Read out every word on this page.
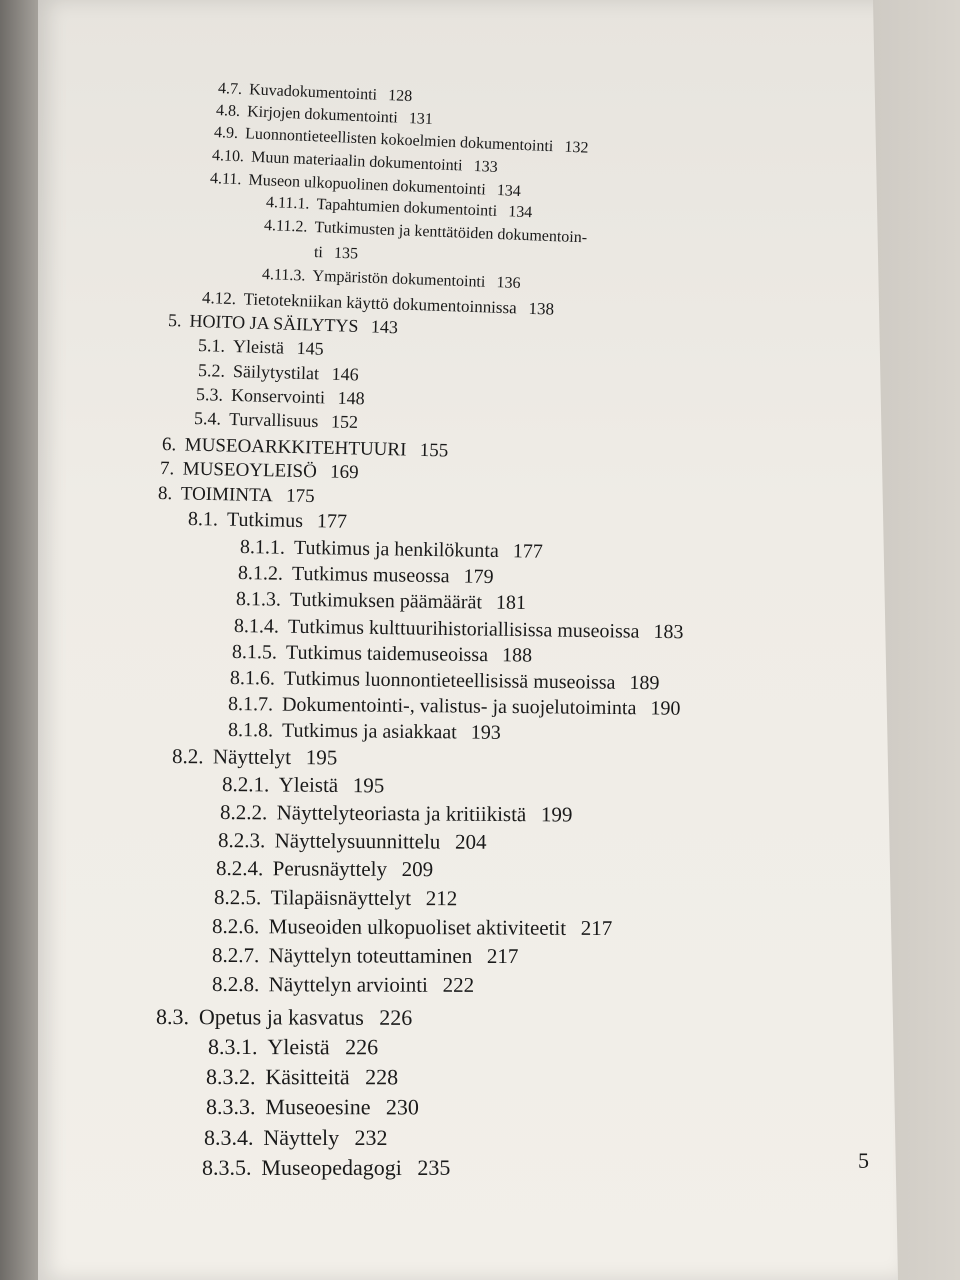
4.7. Kuvadokumentointi 128
4.8. Kirjojen dokumentointi 131
4.9. Luonnontieteellisten kokoelmien dokumentointi 132
4.10. Muun materiaalin dokumentointi 133
4.11. Museon ulkopuolinen dokumentointi 134
4.11.1. Tapahtumien dokumentointi 134
4.11.2. Tutkimusten ja kenttätöiden dokumentoin-
ti 135
4.11.3. Ympäristön dokumentointi 136
4.12. Tietotekniikan käyttö dokumentoinnissa 138
5. HOITO JA SÄILYTYS 143
5.1. Yleistä 145
5.2. Säilytystilat 146
5.3. Konservointi 148
5.4. Turvallisuus 152
6. MUSEOARKKITEHTUURI 155
7. MUSEOYLEISÖ 169
8. TOIMINTA 175
8.1. Tutkimus 177
8.1.1. Tutkimus ja henkilökunta 177
8.1.2. Tutkimus museossa 179
8.1.3. Tutkimuksen päämäärät 181
8.1.4. Tutkimus kulttuurihistoriallisissa museoissa 183
8.1.5. Tutkimus taidemuseoissa 188
8.1.6. Tutkimus luonnontieteellisissä museoissa 189
8.1.7. Dokumentointi-, valistus- ja suojelutoiminta 190
8.1.8. Tutkimus ja asiakkaat 193
8.2. Näyttelyt 195
8.2.1. Yleistä 195
8.2.2. Näyttelyteoriasta ja kritiikistä 199
8.2.3. Näyttelysuunnittelu 204
8.2.4. Perusnäyttely 209
8.2.5. Tilapäisnäyttelyt 212
8.2.6. Museoiden ulkopuoliset aktiviteetit 217
8.2.7. Näyttelyn toteuttaminen 217
8.2.8. Näyttelyn arviointi 222
8.3. Opetus ja kasvatus 226
8.3.1. Yleistä 226
8.3.2. Käsitteitä 228
8.3.3. Museoesine 230
8.3.4. Näyttely 232
8.3.5. Museopedagogi 235	5
